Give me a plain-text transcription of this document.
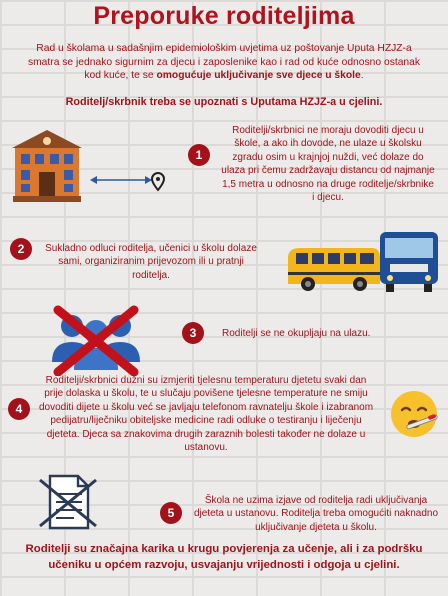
Preporuke roditeljima
Rad u školama u sadašnjim epidemiološkim uvjetima uz poštovanje Uputa HZJZ-a smatra se jednako sigurnim za djecu i zaposlenike kao i rad od kuće odnosno ostanak kod kuće, te se omogućuje uključivanje sve djece u škole.
Roditelj/skrbnik treba se upoznati s Uputama HZJZ-a u cjelini.
1
Roditelji/skrbnici ne moraju dovoditi djecu u škole, a ako ih dovode, ne ulaze u školsku zgradu osim u krajnjoj nuždi, već dolaze do ulaza pri čemu zadržavaju distancu od najmanje 1,5 metra u odnosno na druge roditelje/skrbnike i djecu.
2	Sukladno odluci roditelja, učenici u školu dolaze sami, organiziranim prijevozom ili u pratnji roditelja.
3	Roditelji se ne okupljaju na ulazu.
4
Roditelji/skrbnici dužni su izmjeriti tjelesnu temperaturu djetetu svaki dan prije dolaska u školu, te u slučaju povišene tjelesne temperature ne smiju dovoditi dijete u školu već se javljaju telefonom ravnatelju škole i izabranom pedijatru/liječniku obiteljske medicine radi odluke o testiranju i liječenju djeteta. Djeca sa znakovima drugih zaraznih bolesti također ne dolaze u ustanovu.
5
Škola ne uzima izjave od roditelja radi uključivanja djeteta u ustanovu. Roditelja treba omogućiti naknadno uključivanje djeteta u školu.
Roditelji su značajna karika u krugu povjerenja za učenje, ali i za podršku učeniku u općem razvoju, usvajanju vrijednosti i odgoja u cjelini.
